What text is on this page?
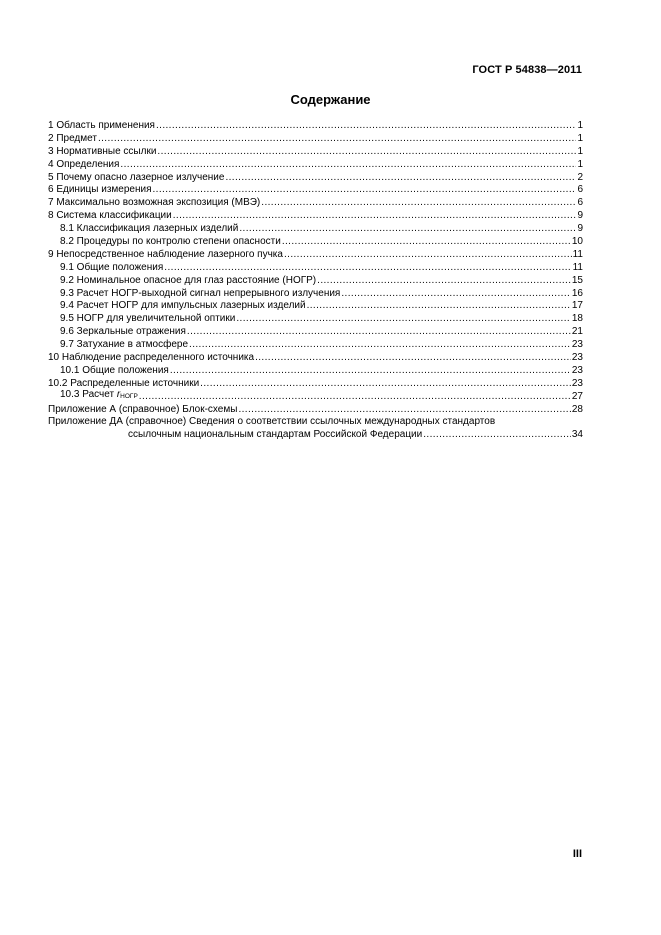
ГОСТ Р 54838—2011
Содержание
1 Область применения .....	1
2 Предмет .....	1
3 Нормативные ссылки .....	1
4 Определения .....	1
5 Почему опасно лазерное излучение .....	2
6 Единицы измерения .....	6
7 Максимально возможная экспозиция (МВЭ) .....	6
8 Система классификации .....	9
8.1 Классификация лазерных изделий .....	9
8.2 Процедуры по контролю степени опасности .....	10
9 Непосредственное наблюдение лазерного пучка .....	11
9.1 Общие положения .....	11
9.2 Номинальное опасное для глаз расстояние (НОГР) .....	15
9.3 Расчет НОГР-выходной сигнал непрерывного излучения .....	16
9.4 Расчет НОГР для импульсных лазерных изделий .....	17
9.5 НОГР для увеличительной оптики .....	18
9.6 Зеркальные отражения .....	21
9.7 Затухание в атмосфере .....	23
10 Наблюдение распределенного источника .....	23
10.1 Общие положения .....	23
10.2 Распределенные источники .....	23
10.3 Расчет $r_{НОГР}$ .....	27
Приложение А (справочное) Блок-схемы .....	28
Приложение ДА (справочное) Сведения о соответствии ссылочных международных стандартов
ссылочным национальным стандартам Российской Федерации .....	34
III
